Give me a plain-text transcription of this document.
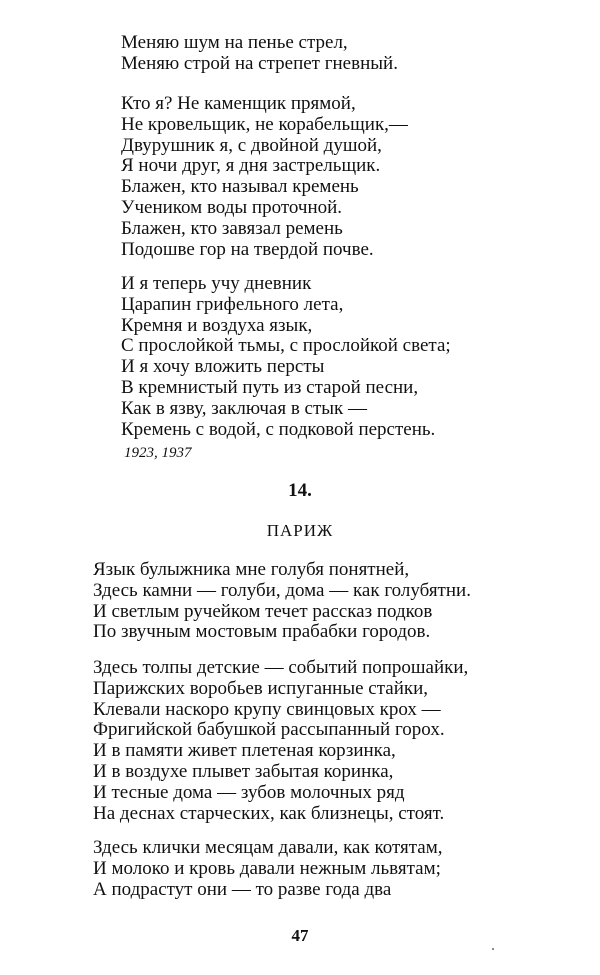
Меняю шум на пенье стрел,
Меняю строй на стрепет гневный.
Кто я? Не каменщик прямой,
Не кровельщик, не корабельщик,—
Двурушник я, с двойной душой,
Я ночи друг, я дня застрельщик.
Блажен, кто называл кремень
Учеником воды проточной.
Блажен, кто завязал ремень
Подошве гор на твердой почве.
И я теперь учу дневник
Царапин грифельного лета,
Кремня и воздуха язык,
С прослойкой тьмы, с прослойкой света;
И я хочу вложить персты
В кремнистый путь из старой песни,
Как в язву, заключая в стык —
Кремень с водой, с подковой перстень.
1923, 1937
14.
ПАРИЖ
Язык булыжника мне голубя понятней,
Здесь камни — голуби, дома — как голубятни.
И светлым ручейком течет рассказ подков
По звучным мостовым прабабки городов.
Здесь толпы детские — событий попрошайки,
Парижских воробьев испуганные стайки,
Клевали наскоро крупу свинцовых крох —
Фригийской бабушкой рассыпанный горох.
И в памяти живет плетеная корзинка,
И в воздухе плывет забытая коринка,
И тесные дома — зубов молочных ряд
На деснах старческих, как близнецы, стоят.
Здесь клички месяцам давали, как котятам,
И молоко и кровь давали нежным львятам;
А подрастут они — то разве года два
47
